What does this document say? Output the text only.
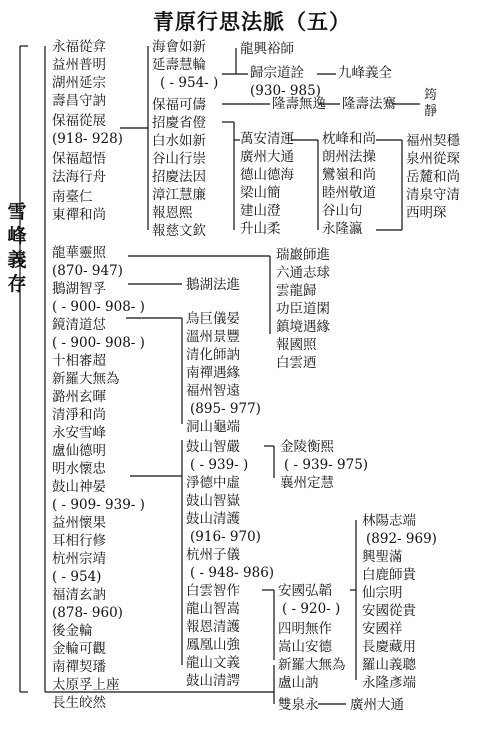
青原行思法脈（五）
雪峰義存
永福從弇
益州普明
湖州延宗
壽昌守訥
保福從展
(918- 928)
保福超悟
法海行舟
南臺仁
東禪和尚
龍華靈照
(870- 947)
鵝湖智孚
( - 900- 908- )
鏡清道怤
( - 900- 908- )
十相審超
新羅大無為
潞州玄暉
清淨和尚
永安雪峰
盧仙德明
明水懷忠
鼓山神晏
( - 909- 939- )
益州懷果
耳相行修
杭州宗靖
( - 954)
福清玄訥
(878- 960)
後金輪
金輪可觀
南禪契璠
太原孚上座
長生皎然
海會如新
延壽慧輪
( - 954- )
保福可儔
招慶省僜
白水如新
谷山行崇
招慶法因
漳江慧廉
報恩熙
報慈文欽
龍興裕師
歸宗道詮
(930- 985)
九峰義全
隆壽無逸 隆壽法騫
筠靜
萬安清運
廣州大通
德山德海
梁山簡
建山澄
升山柔
枕峰和尚
朗州法操
鸞嶺和尚
睦州敬道
谷山句
永隆瀛
福州契穩
泉州從琛
岳麓和尚
清泉守清
西明琛
瑞巖師進
六通志球
雲龍歸
功臣道閑
鎮境遇緣
報國照
白雲迺
鵝湖法進
烏巨儀晏
溫州景豐
清化師訥
南禪遇緣
福州智遠
(895- 977)
洞山龜端
鼓山智嚴
( - 939- )
淨德中虛
鼓山智嶽
鼓山清護
(916- 970)
杭州子儀
( - 948- 986)
白雲智作
龍山智嵩
報恩清護
鳳凰山強
龍山文義
鼓山清諤
金陵衡熙
( - 939- 975)
襄州定慧
安國弘韜
( - 920- )
四明無作
嵩山安德
新羅大無為
盧山訥
林陽志端
(892- 969)
興聖滿
白鹿師貴
仙宗明
安國從貴
安國祥
長慶藏用
羅山義聰
永隆彥端
雙泉永 廣州大通
